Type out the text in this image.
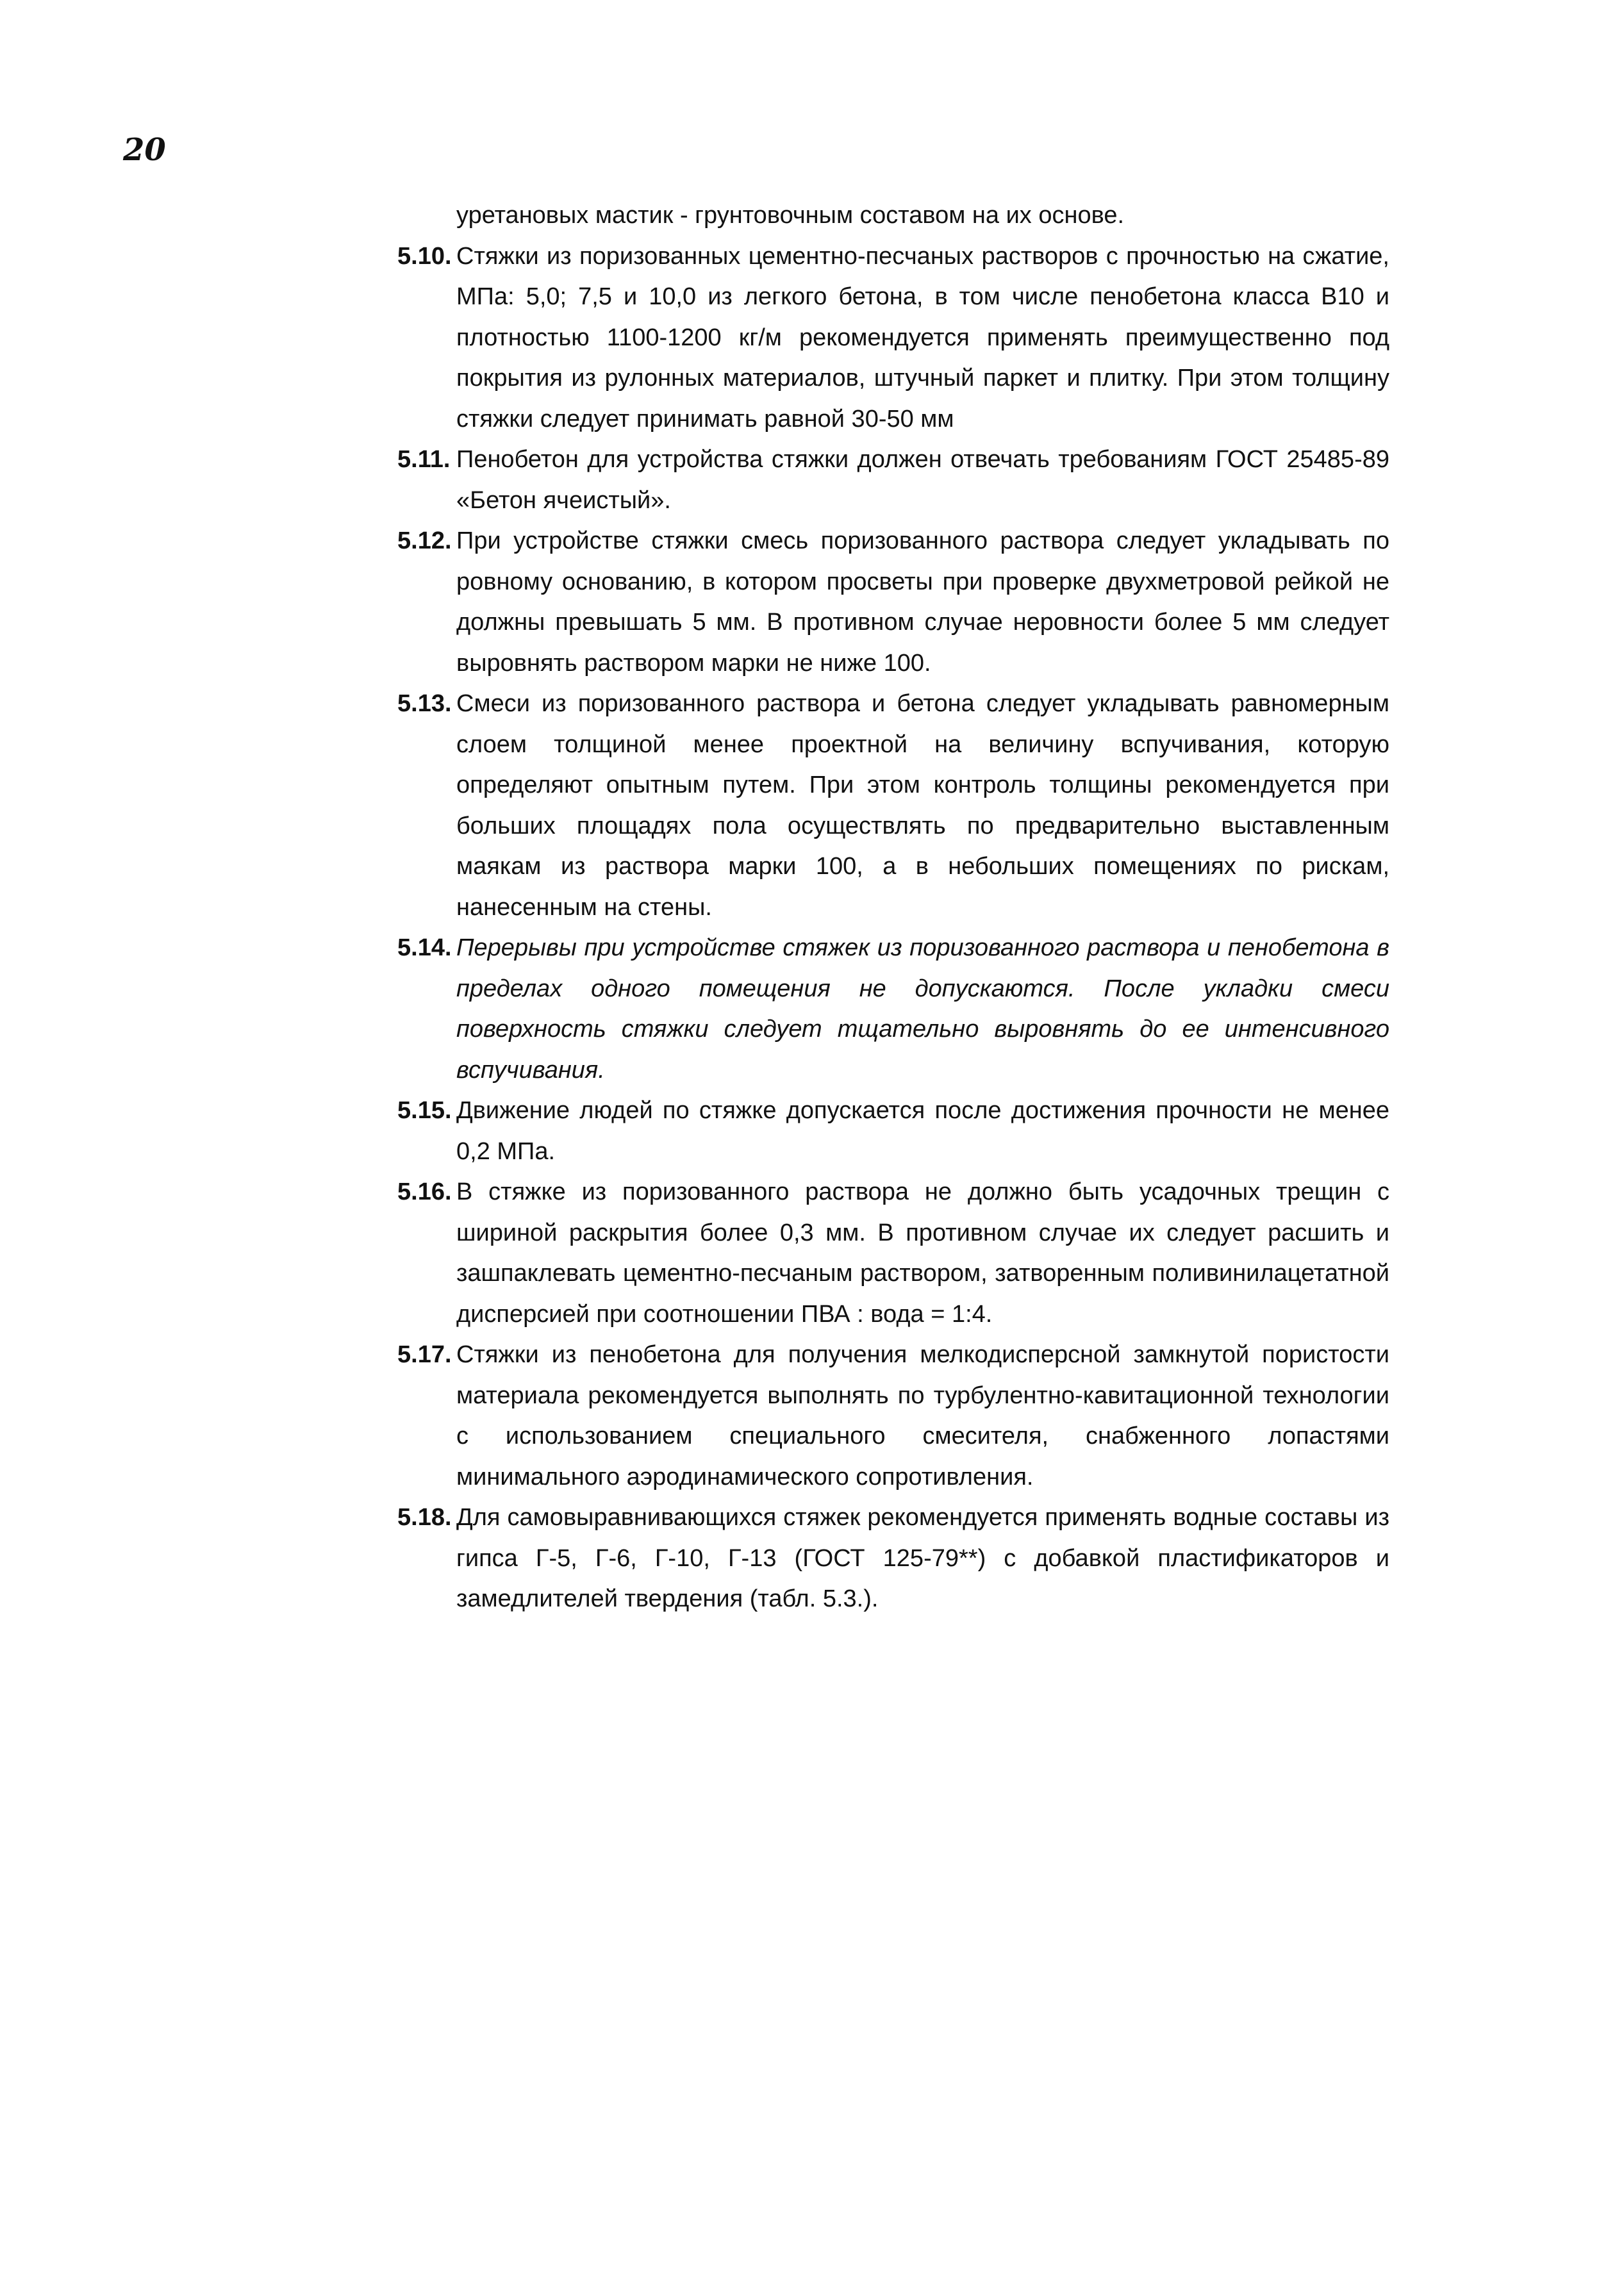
20

уретановых мастик - грунтовочным составом на их основе.

5.10. Стяжки из поризованных цементно-песчаных растворов с прочностью на сжатие, МПа: 5,0; 7,5 и 10,0 из легкого бетона, в том числе пенобетона класса В10 и плотностью 1100-1200 кг/м рекомендуется применять преимущественно под покрытия из рулонных материалов, штучный паркет и плитку. При этом толщину стяжки следует принимать равной 30-50 мм
5.11. Пенобетон для устройства стяжки должен отвечать требованиям ГОСТ 25485-89 «Бетон ячеистый».
5.12. При устройстве стяжки смесь поризованного раствора следует укладывать по ровному основанию, в котором просветы при проверке двухметровой рейкой не должны превышать 5 мм. В противном случае неровности более 5 мм следует выровнять раствором марки не ниже 100.
5.13. Смеси из поризованного раствора и бетона следует укладывать равномерным слоем толщиной менее проектной на величину вспучивания, которую определяют опытным путем. При этом контроль толщины рекомендуется при больших площадях пола осуществлять по предварительно выставленным маякам из раствора марки 100, а в небольших помещениях по рискам, нанесенным на стены.
5.14. Перерывы при устройстве стяжек из поризованного раствора и пенобетона в пределах одного помещения не допускаются. После укладки смеси поверхность стяжки следует тщательно выровнять до ее интенсивного вспучивания.
5.15. Движение людей по стяжке допускается после достижения прочности не менее 0,2 МПа.
5.16. В стяжке из поризованного раствора не должно быть усадочных трещин с шириной раскрытия более 0,3 мм. В противном случае их следует расшить и зашпаклевать цементно-песчаным раствором, затворенным поливинилацетатной дисперсией при соотношении ПВА : вода = 1:4.
5.17. Стяжки из пенобетона для получения мелкодисперсной замкнутой пористости материала рекомендуется выполнять по турбулентно-кавитационной технологии с использованием специального смесителя, снабженного лопастями минимального аэродинамического сопротивления.
5.18. Для самовыравнивающихся стяжек рекомендуется применять водные составы из гипса Г-5, Г-6, Г-10, Г-13 (ГОСТ 125-79**) с добавкой пластификаторов и замедлителей твердения (табл. 5.3.).
